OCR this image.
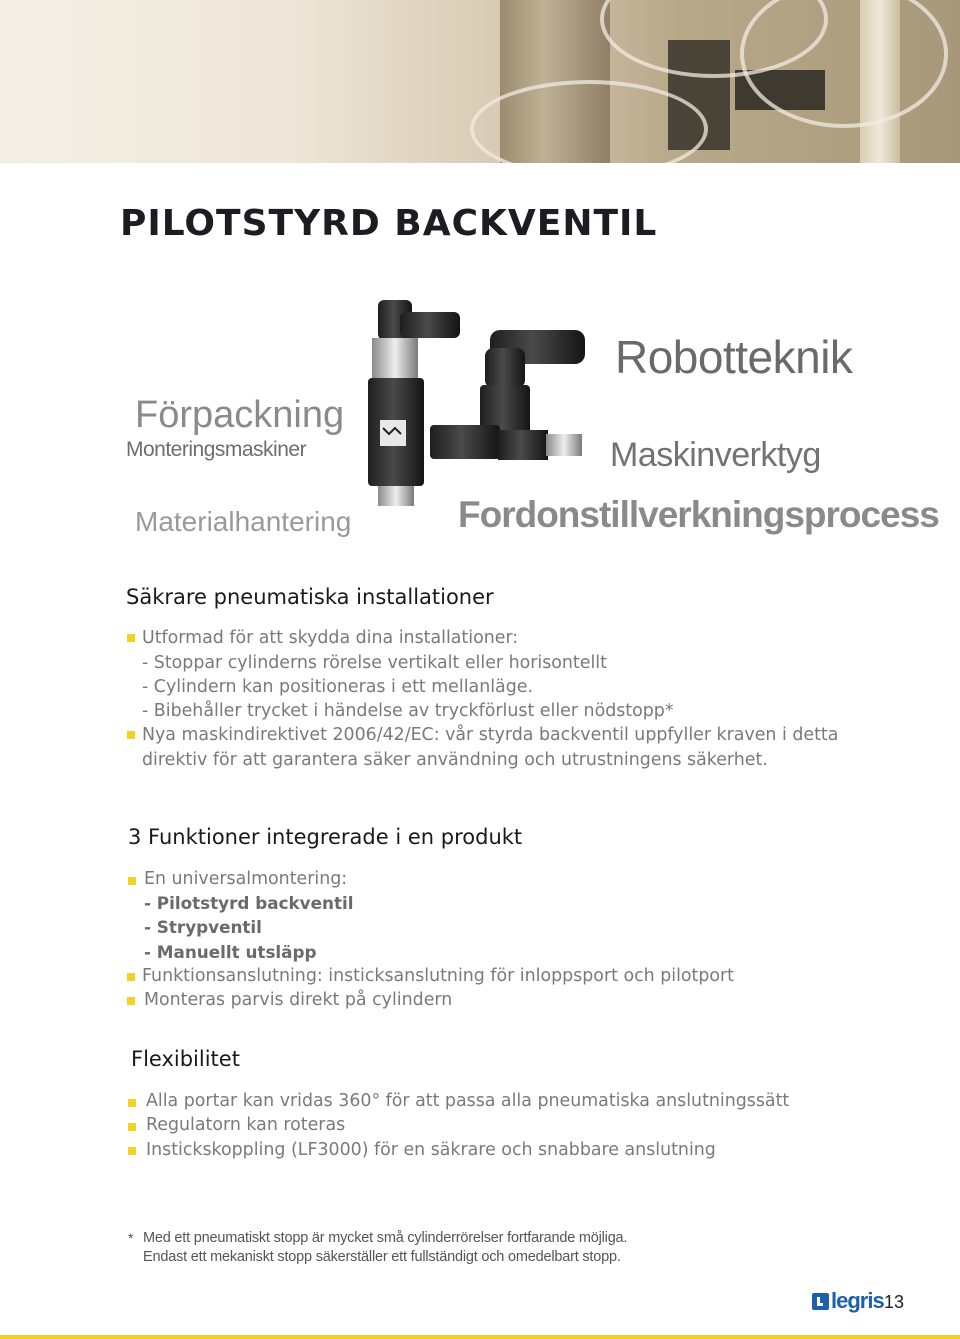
PILOTSTYRD BACKVENTIL
Förpackning
Monteringsmaskiner
Materialhantering
Robotteknik
Maskinverktyg
Fordonstillverkningsprocess
Säkrare pneumatiska installationer
Utformad för att skydda dina installationer:
- Stoppar cylinderns rörelse vertikalt eller horisontellt
- Cylindern kan positioneras i ett mellanläge.
- Bibehåller trycket i händelse av tryckförlust eller nödstopp*
Nya maskindirektivet 2006/42/EC: vår styrda backventil uppfyller kraven i detta
direktiv för att garantera säker användning och utrustningens säkerhet.
3 Funktioner integrerade i en produkt
En universalmontering:
- Pilotstyrd backventil
- Strypventil
- Manuellt utsläpp
Funktionsanslutning: insticksanslutning för inloppsport och pilotport
Monteras parvis direkt på cylindern
Flexibilitet
Alla portar kan vridas 360° för att passa alla pneumatiska anslutningssätt
Regulatorn kan roteras
Instickskoppling (LF3000) för en säkrare och snabbare anslutning
* Med ett pneumatiskt stopp är mycket små cylinderrörelser fortfarande möjliga.
Endast ett mekaniskt stopp säkerställer ett fullständigt och omedelbart stopp.
legris 13
